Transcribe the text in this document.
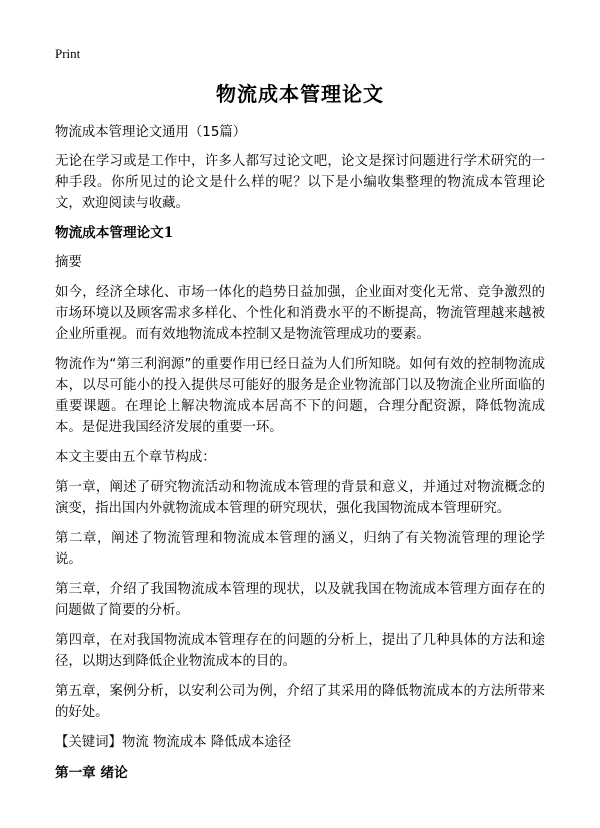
Print
物流成本管理论文

物流成本管理论文通用（15篇）

无论在学习或是工作中，许多人都写过论文吧，论文是探讨问题进行学术研究的一种手段。你所见过的论文是什么样的呢？以下是小编收集整理的物流成本管理论文，欢迎阅读与收藏。

物流成本管理论文1

摘要

如今，经济全球化、市场一体化的趋势日益加强，企业面对变化无常、竞争激烈的市场环境以及顾客需求多样化、个性化和消费水平的不断提高，物流管理越来越被企业所重视。而有效地物流成本控制又是物流管理成功的要素。

物流作为“第三利润源”的重要作用已经日益为人们所知晓。如何有效的控制物流成本，以尽可能小的投入提供尽可能好的服务是企业物流部门以及物流企业所面临的重要课题。在理论上解决物流成本居高不下的问题，合理分配资源，降低物流成本。是促进我国经济发展的重要一环。

本文主要由五个章节构成：

第一章，阐述了研究物流活动和物流成本管理的背景和意义，并通过对物流概念的演变，指出国内外就物流成本管理的研究现状，强化我国物流成本管理研究。

第二章，阐述了物流管理和物流成本管理的涵义，归纳了有关物流管理的理论学说。

第三章，介绍了我国物流成本管理的现状，以及就我国在物流成本管理方面存在的问题做了简要的分析。

第四章，在对我国物流成本管理存在的问题的分析上，提出了几种具体的方法和途径，以期达到降低企业物流成本的目的。

第五章，案例分析，以安利公司为例，介绍了其采用的降低物流成本的方法所带来的好处。

【关键词】物流 物流成本 降低成本途径

第一章 绪论
